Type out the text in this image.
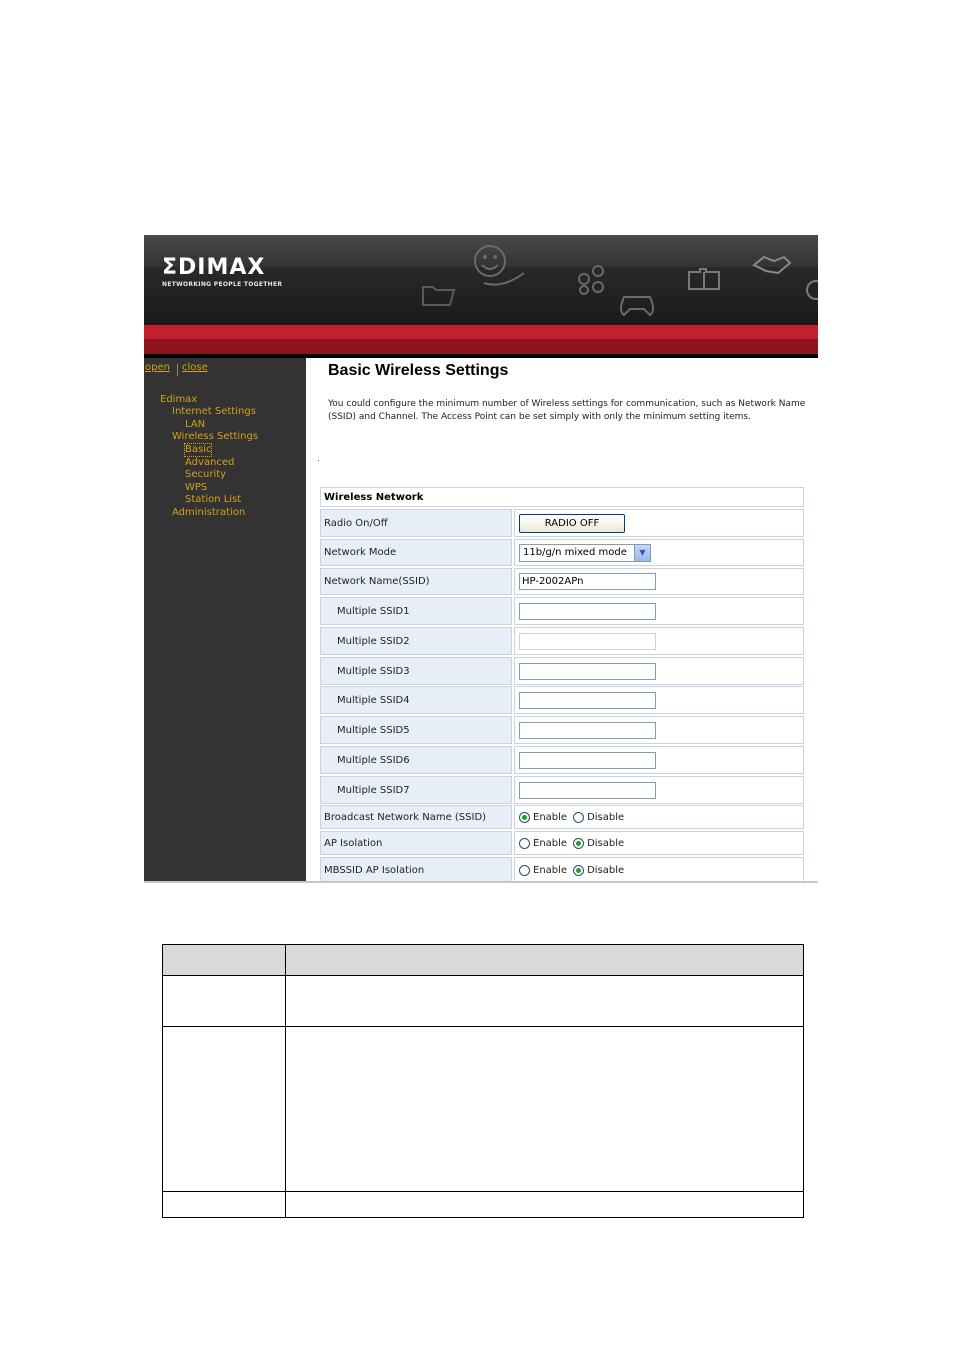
ΣDIMAX
NETWORKING PEOPLE TOGETHER
open close
Edimax
Internet Settings
LAN
Wireless Settings
Basic
Advanced
Security
WPS
Station List
Administration
Basic Wireless Settings
You could configure the minimum number of Wireless settings for communication, such as Network Name (SSID) and Channel. The Access Point can be set simply with only the minimum setting items.
Wireless Network
Radio On/Off	RADIO OFF
Network Mode	11b/g/n mixed mode	▼
Network Name(SSID)	HP-2002APn
Multiple SSID1
Multiple SSID2
Multiple SSID3
Multiple SSID4
Multiple SSID5
Multiple SSID6
Multiple SSID7
Broadcast Network Name (SSID)	Enable Disable
AP Isolation	Enable Disable
MBSSID AP Isolation	Enable Disable
